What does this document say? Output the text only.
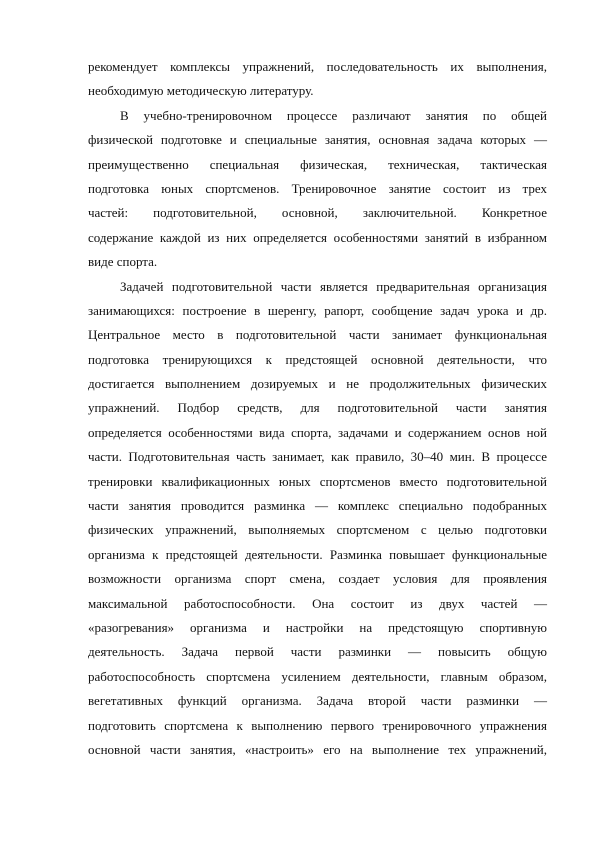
рекомендует комплексы упражнений, последовательность их выполнения,
необходимую методическую литературу.
В учебно-тренировочном процессе различают занятия по общей
физической подготовке и специальные занятия, основная задача которых —
преимущественно специальная физическая, техническая, тактическая
подготовка юных спортсменов. Тренировочное занятие состоит из трех
частей: подготовительной, основной, заключительной. Конкретное
содержание каждой из них определяется особенностями занятий в избранном
виде спорта.
Задачей подготовительной части является предварительная организация
занимающихся: построение в шеренгу, рапорт, сообщение задач урока и др.
Центральное место в подготовительной части занимает функциональная
подготовка тренирующихся к предстоящей основной деятельности, что
достигается выполнением дозируемых и не продолжительных физических
упражнений. Подбор средств, для подготовительной части занятия
определяется особенностями вида спорта, задачами и содержанием основ ной
части. Подготовительная часть занимает, как правило, 30–40 мин. В процессе
тренировки квалификационных юных спортсменов вместо подготовительной
части занятия проводится разминка — комплекс специально подобранных
физических упражнений, выполняемых спортсменом с целью подготовки
организма к предстоящей деятельности. Разминка повышает функциональные
возможности организма спорт смена, создает условия для проявления
максимальной работоспособности. Она состоит из двух частей —
«разогревания» организма и настройки на предстоящую спортивную
деятельность. Задача первой части разминки — повысить общую
работоспособность спортсмена усилением деятельности, главным образом,
вегетативных функций организма. Задача второй части разминки —
подготовить спортсмена к выполнению первого тренировочного упражнения
основной части занятия, «настроить» его на выполнение тех упражнений,
